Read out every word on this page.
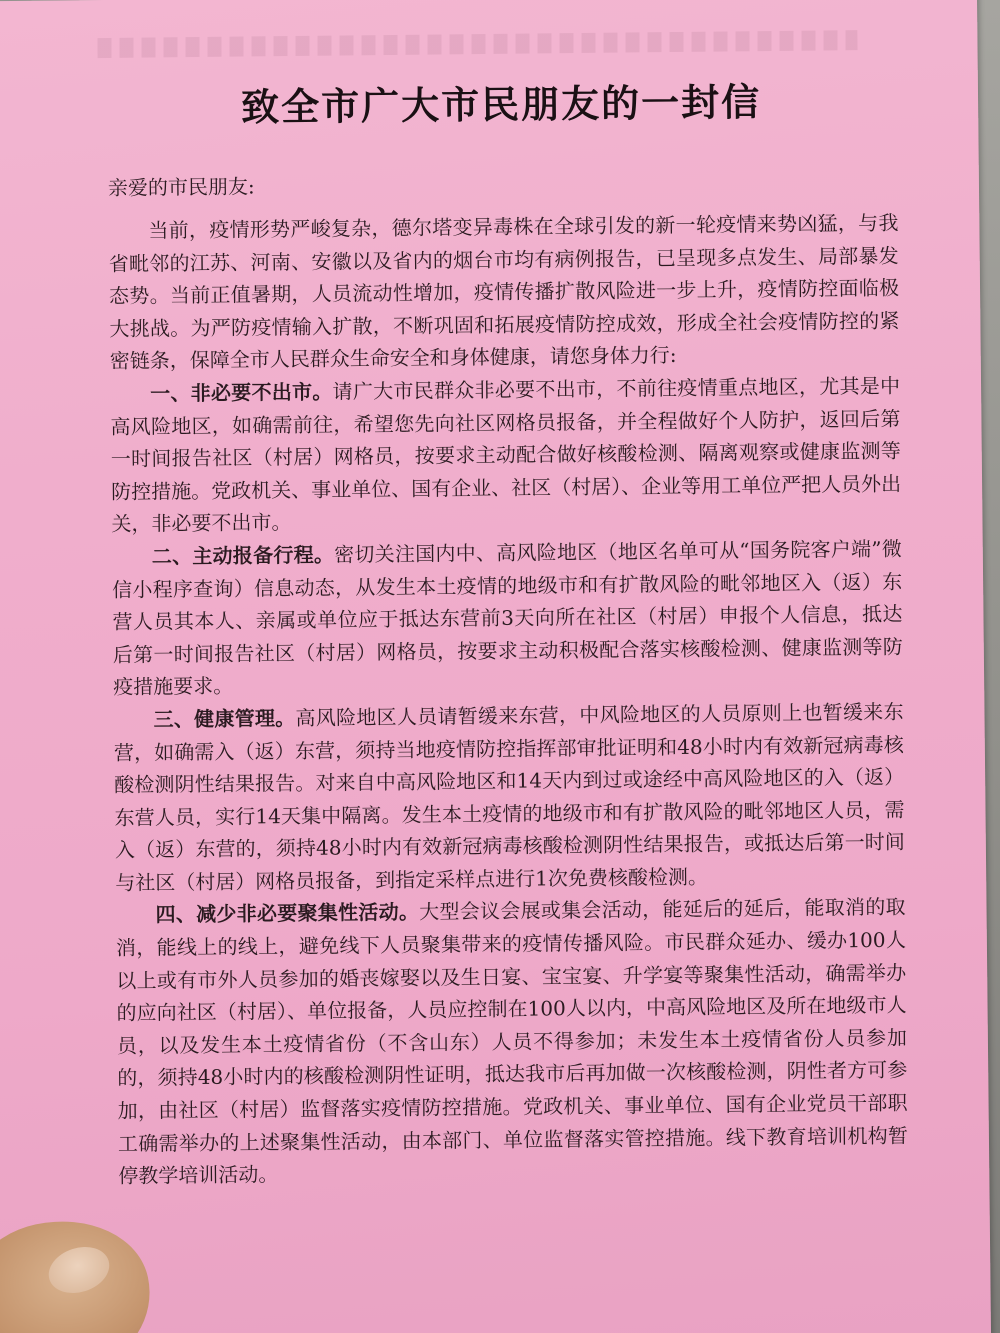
致全市广大市民朋友的一封信
亲爱的市民朋友:

当前，疫情形势严峻复杂，德尔塔变异毒株在全球引发的新一轮疫情来势凶猛，与我省毗邻的江苏、河南、安徽以及省内的烟台市均有病例报告，已呈现多点发生、局部暴发态势。当前正值暑期，人员流动性增加，疫情传播扩散风险进一步上升，疫情防控面临极大挑战。为严防疫情输入扩散，不断巩固和拓展疫情防控成效，形成全社会疫情防控的紧密链条，保障全市人民群众生命安全和身体健康，请您身体力行:

一、非必要不出市。请广大市民群众非必要不出市，不前往疫情重点地区，尤其是中高风险地区，如确需前往，希望您先向社区网格员报备，并全程做好个人防护，返回后第一时间报告社区（村居）网格员，按要求主动配合做好核酸检测、隔离观察或健康监测等防控措施。党政机关、事业单位、国有企业、社区（村居）、企业等用工单位严把人员外出关，非必要不出市。

二、主动报备行程。密切关注国内中、高风险地区（地区名单可从“国务院客户端”微信小程序查询）信息动态，从发生本土疫情的地级市和有扩散风险的毗邻地区入（返）东营人员其本人、亲属或单位应于抵达东营前3天向所在社区（村居）申报个人信息，抵达后第一时间报告社区（村居）网格员，按要求主动积极配合落实核酸检测、健康监测等防疫措施要求。

三、健康管理。高风险地区人员请暂缓来东营，中风险地区的人员原则上也暂缓来东营，如确需入（返）东营，须持当地疫情防控指挥部审批证明和48小时内有效新冠病毒核酸检测阴性结果报告。对来自中高风险地区和14天内到过或途经中高风险地区的入（返）东营人员，实行14天集中隔离。发生本土疫情的地级市和有扩散风险的毗邻地区人员，需入（返）东营的，须持48小时内有效新冠病毒核酸检测阴性结果报告，或抵达后第一时间与社区（村居）网格员报备，到指定采样点进行1次免费核酸检测。

四、减少非必要聚集性活动。大型会议会展或集会活动，能延后的延后，能取消的取消，能线上的线上，避免线下人员聚集带来的疫情传播风险。市民群众延办、缓办100人以上或有市外人员参加的婚丧嫁娶以及生日宴、宝宝宴、升学宴等聚集性活动，确需举办的应向社区（村居）、单位报备，人员应控制在100人以内，中高风险地区及所在地级市人员，以及发生本土疫情省份（不含山东）人员不得参加；未发生本土疫情省份人员参加的，须持48小时内的核酸检测阴性证明，抵达我市后再加做一次核酸检测，阴性者方可参加，由社区（村居）监督落实疫情防控措施。党政机关、事业单位、国有企业党员干部职工确需举办的上述聚集性活动，由本部门、单位监督落实管控措施。线下教育培训机构暂停教学培训活动。
